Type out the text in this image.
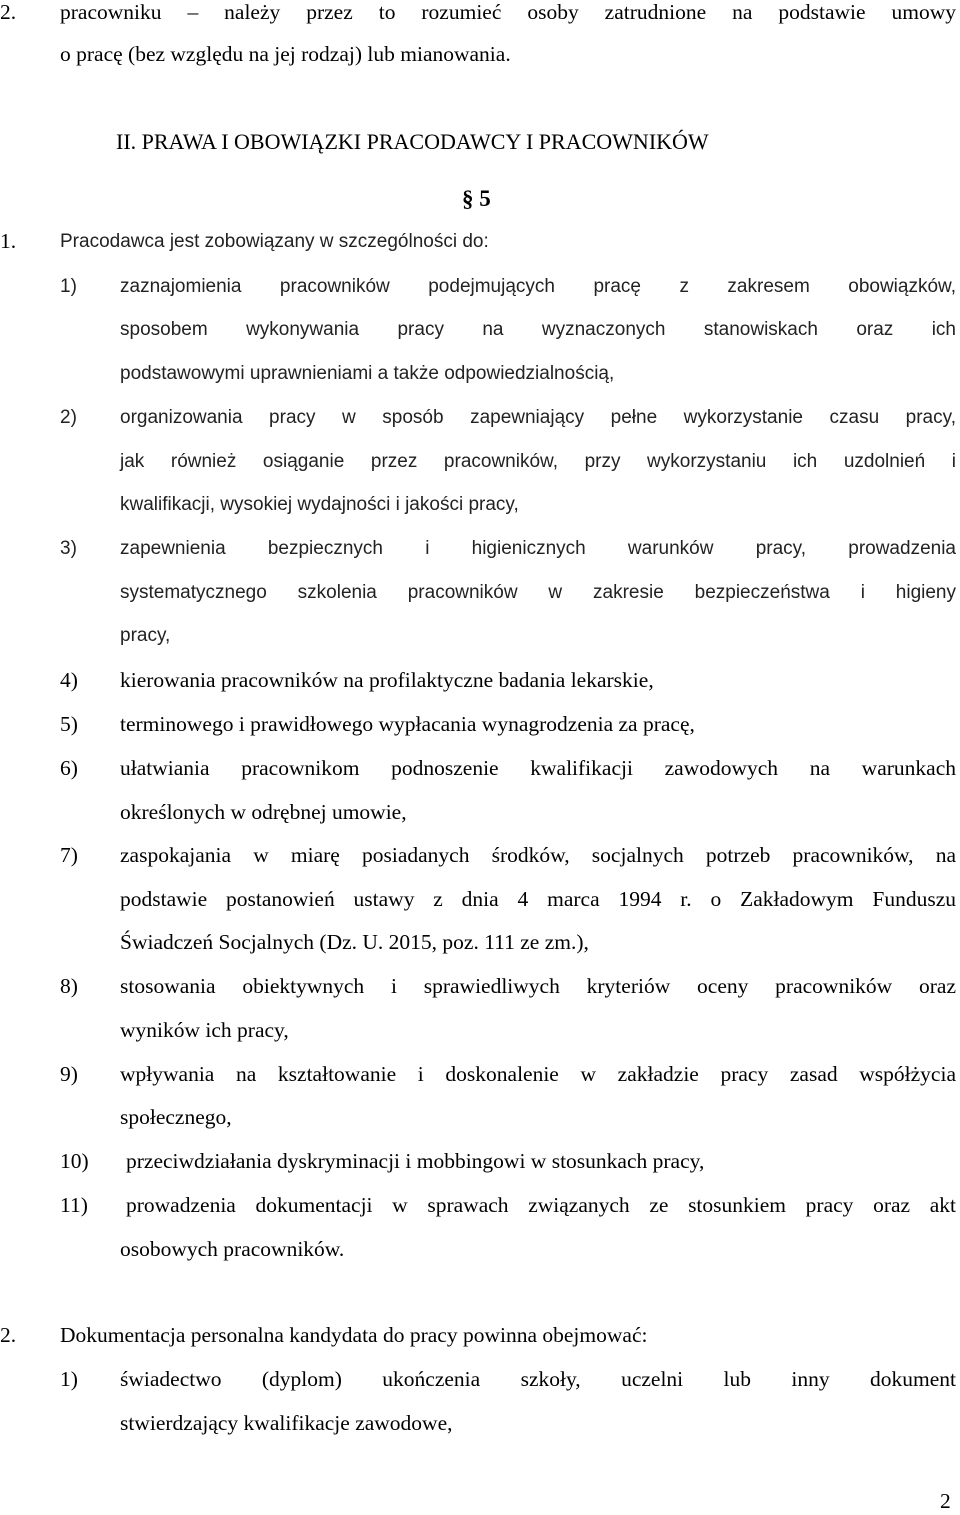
2. pracowniku – należy przez to rozumieć osoby zatrudnione na podstawie umowy
o pracę (bez względu na jej rodzaj) lub mianowania.
II. PRAWA I OBOWIĄZKI PRACODAWCY I PRACOWNIKÓW
§ 5
1. Pracodawca jest zobowiązany w szczególności do:
1) zaznajomienia pracowników podejmujących pracę z zakresem obowiązków,
sposobem wykonywania pracy na wyznaczonych stanowiskach oraz ich
podstawowymi uprawnieniami a także odpowiedzialnością,
2) organizowania pracy w sposób zapewniający pełne wykorzystanie czasu pracy,
jak również osiąganie przez pracowników, przy wykorzystaniu ich uzdolnień i
kwalifikacji, wysokiej wydajności i jakości pracy,
3) zapewnienia bezpiecznych i higienicznych warunków pracy, prowadzenia
systematycznego szkolenia pracowników w zakresie bezpieczeństwa i higieny
pracy,
4) kierowania pracowników na profilaktyczne badania lekarskie,
5) terminowego i prawidłowego wypłacania wynagrodzenia za pracę,
6) ułatwiania pracownikom podnoszenie kwalifikacji zawodowych na warunkach
określonych w odrębnej umowie,
7) zaspokajania w miarę posiadanych środków, socjalnych potrzeb pracowników, na
podstawie postanowień ustawy z dnia 4 marca 1994 r. o Zakładowym Funduszu
Świadczeń Socjalnych (Dz. U. 2015, poz. 111 ze zm.),
8) stosowania obiektywnych i sprawiedliwych kryteriów oceny pracowników oraz
wyników ich pracy,
9) wpływania na kształtowanie i doskonalenie w zakładzie pracy zasad współżycia
społecznego,
10) przeciwdziałania dyskryminacji i mobbingowi w stosunkach pracy,
11) prowadzenia dokumentacji w sprawach związanych ze stosunkiem pracy oraz akt
osobowych pracowników.
2. Dokumentacja personalna kandydata do pracy powinna obejmować:
1) świadectwo (dyplom) ukończenia szkoły, uczelni lub inny dokument
stwierdzający kwalifikacje zawodowe,
2
